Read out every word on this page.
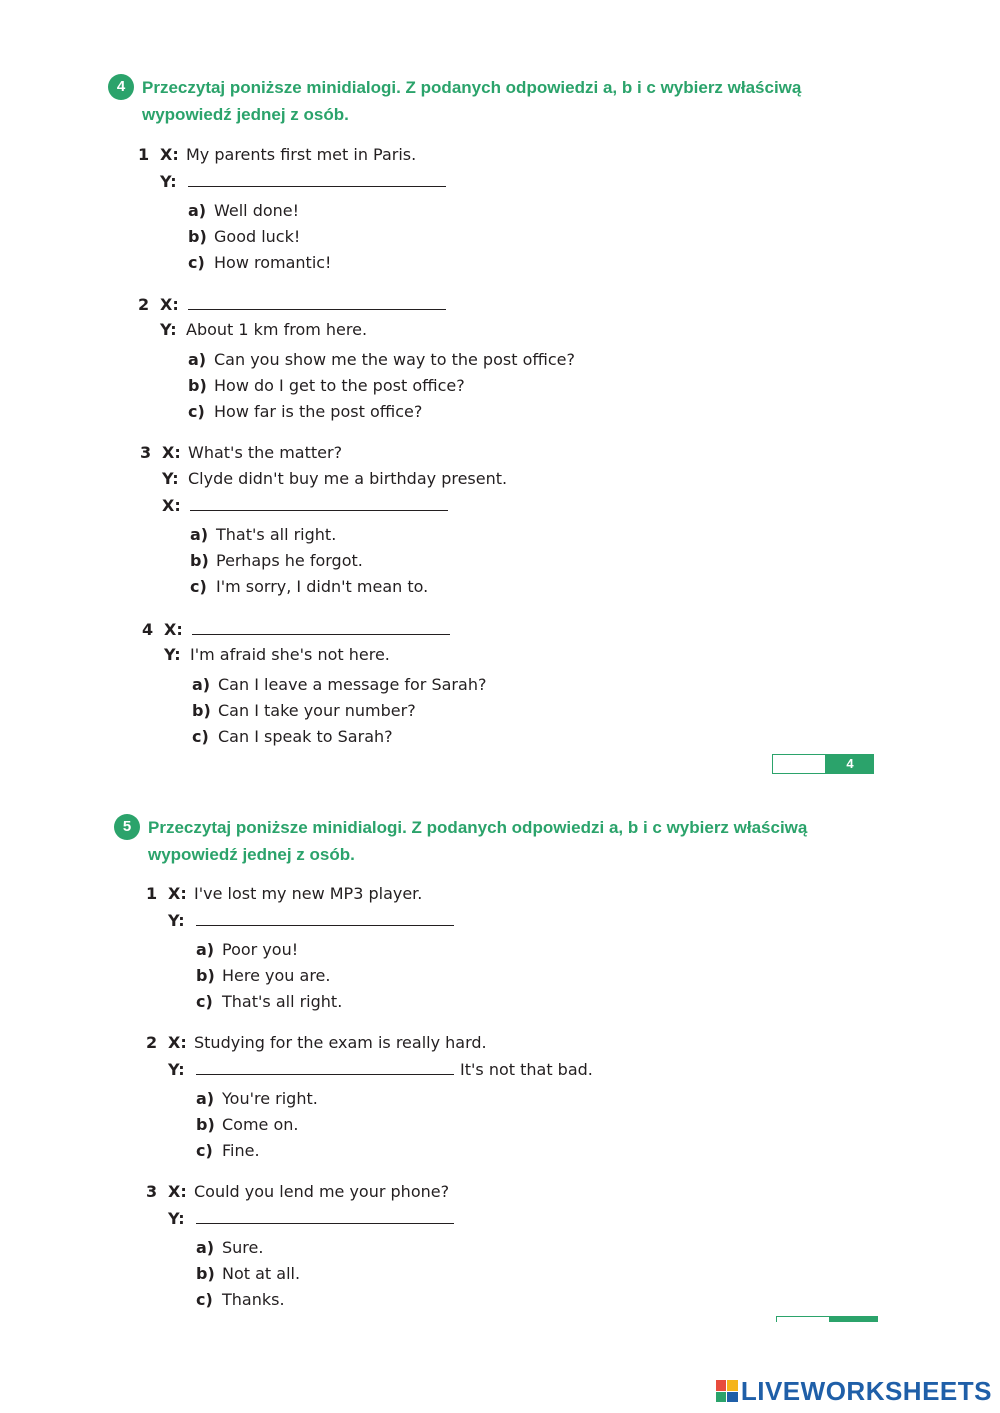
4 Przeczytaj poniższe minidialogi. Z podanych odpowiedzi a, b i c wybierz właściwą wypowiedź jednej z osób.

1 X: My parents first met in Paris.
Y:
a) Well done!
b) Good luck!
c) How romantic!
2 X:
Y: About 1 km from here.
a) Can you show me the way to the post office?
b) How do I get to the post office?
c) How far is the post office?
3 X: What's the matter?
Y: Clyde didn't buy me a birthday present.
X:
a) That's all right.
b) Perhaps he forgot.
c) I'm sorry, I didn't mean to.
4 X:
Y: I'm afraid she's not here.
a) Can I leave a message for Sarah?
b) Can I take your number?
c) Can I speak to Sarah?
4
5 Przeczytaj poniższe minidialogi. Z podanych odpowiedzi a, b i c wybierz właściwą wypowiedź jednej z osób.

1 X: I've lost my new MP3 player.
Y:
a) Poor you!
b) Here you are.
c) That's all right.
2 X: Studying for the exam is really hard.
Y:	It's not that bad.
a) You're right.
b) Come on.
c) Fine.
3 X: Could you lend me your phone?
Y:
a) Sure.
b) Not at all.
c) Thanks.
LIVEWORKSHEETS
